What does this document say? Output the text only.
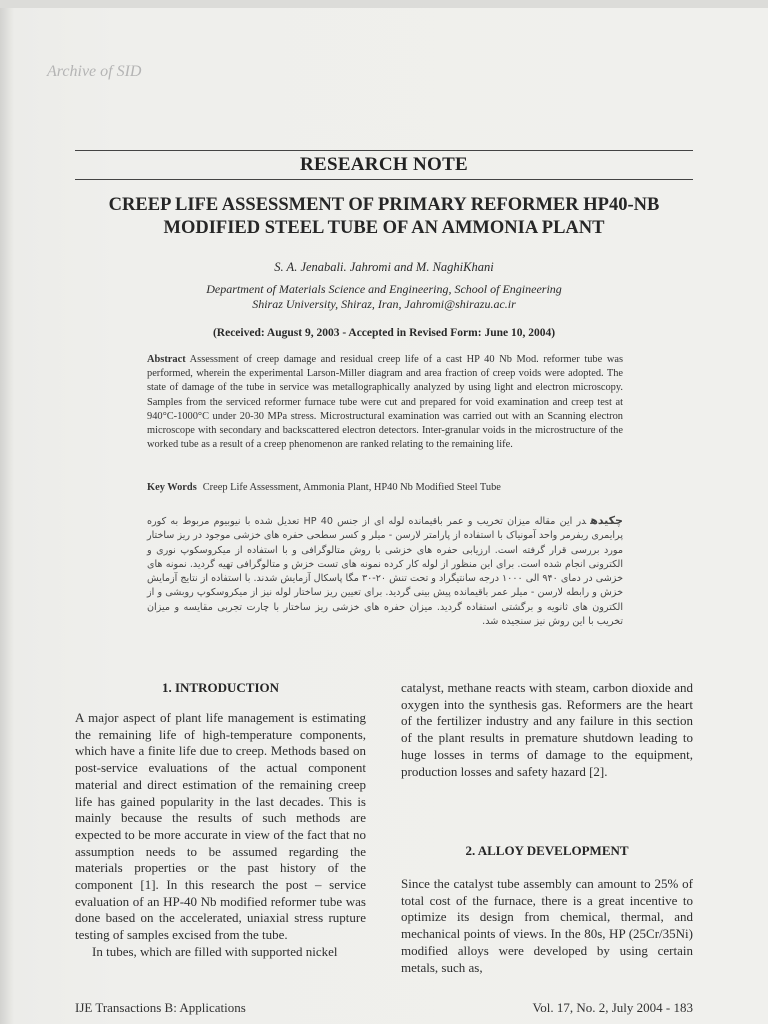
Archive of SID
RESEARCH NOTE
CREEP LIFE ASSESSMENT OF PRIMARY REFORMER HP40-NB
MODIFIED STEEL TUBE OF AN AMMONIA PLANT
S. A. Jenabali. Jahromi and M. NaghiKhani
Department of Materials Science and Engineering, School of Engineering
Shiraz University, Shiraz, Iran, Jahromi@shirazu.ac.ir
(Received: August 9, 2003 - Accepted in Revised Form: June 10, 2004)
Abstract Assessment of creep damage and residual creep life of a cast HP 40 Nb Mod. reformer tube was performed, wherein the experimental Larson-Miller diagram and area fraction of creep voids were adopted. The state of damage of the tube in service was metallographically analyzed by using light and electron microscopy. Samples from the serviced reformer furnace tube were cut and prepared for void examination and creep test at 940°C-1000°C under 20-30 MPa stress. Microstructural examination was carried out with an Scanning electron microscope with secondary and backscattered electron detectors. Inter-granular voids in the microstructure of the worked tube as a result of a creep phenomenon are ranked relating to the remaining life.
Key Words Creep Life Assessment, Ammonia Plant, HP40 Nb Modified Steel Tube
چکیدهدر این مقاله میزان تخریب و عمر باقیمانده لوله ای از جنس HP 40 تعدیل شده با نیوبیوم مربوط به کوره پرایمری ریفرمر واحد آمونیاک با استفاده از پارامتر لارسن - میلر و کسر سطحی حفره های خزشی موجود در ریز ساختار مورد بررسی قرار گرفته است. ارزیابی حفره های خزشی با روش متالوگرافی و با استفاده از میکروسکوپ نوری و الکترونی انجام شده است. برای این منظور از لوله کار کرده نمونه های تست خزش و متالوگرافی تهیه گردید. نمونه های خزشی در دمای ۹۴۰ الی ۱۰۰۰ درجه سانتیگراد و تحت تنش ۲۰-۳۰ مگا پاسکال آزمایش شدند. با استفاده از نتایج آزمایش خزش و رابطه لارسن - میلر عمر باقیمانده پیش بینی گردید. برای تعیین ریز ساختار لوله نیز از میکروسکوپ روبشی و از الکترون های ثانویه و برگشتی استفاده گردید. میزان حفره های خزشی ریز ساختار با چارت تجربی مقایسه و میزان تخریب با این روش نیز سنجیده شد.
1. INTRODUCTION

A major aspect of plant life management is estimating the remaining life of high-temperature components, which have a finite life due to creep. Methods based on post-service evaluations of the actual component material and direct estimation of the remaining creep life has gained popularity in the last decades. This is mainly because the results of such methods are expected to be more accurate in view of the fact that no assumption needs to be assumed regarding the materials properties or the past history of the component [1]. In this research the post – service evaluation of an HP-40 Nb modified reformer tube was done based on the accelerated, uniaxial stress rupture testing of samples excised from the tube.

In tubes, which are filled with supported nickel

catalyst, methane reacts with steam, carbon dioxide and oxygen into the synthesis gas. Reformers are the heart of the fertilizer industry and any failure in this section of the plant results in premature shutdown leading to huge losses in terms of damage to the equipment, production losses and safety hazard [2].

2. ALLOY DEVELOPMENT

Since the catalyst tube assembly can amount to 25% of total cost of the furnace, there is a great incentive to optimize its design from chemical, thermal, and mechanical points of views. In the 80s, HP (25Cr/35Ni) modified alloys were developed by using certain metals, such as,

IJE Transactions B: Applications	Vol. 17, No. 2, July 2004 - 183
